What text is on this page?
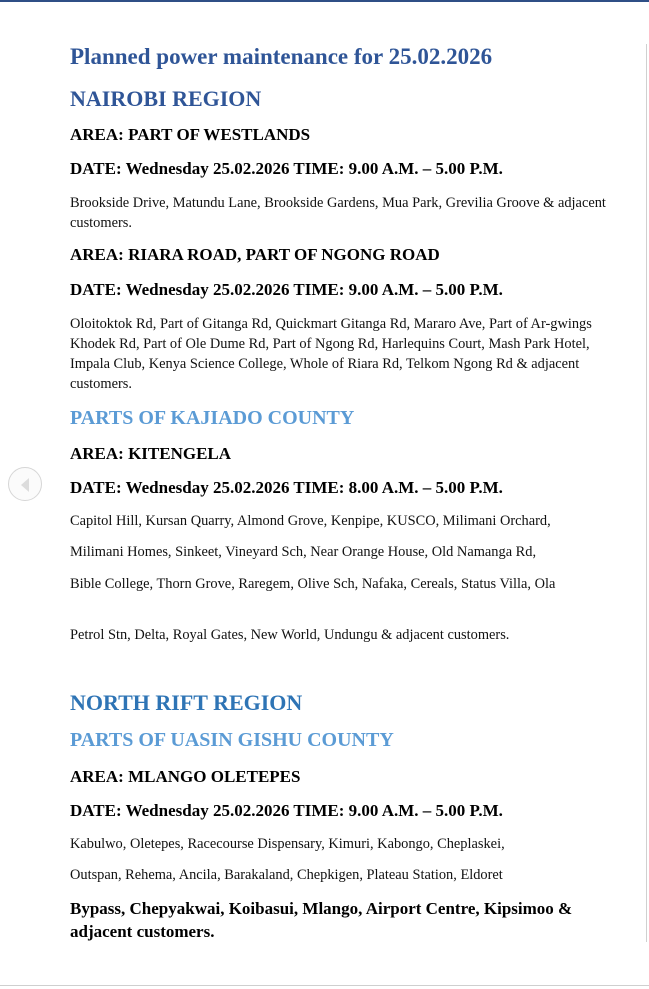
Planned power maintenance for 25.02.2026
NAIROBI REGION
AREA: PART OF WESTLANDS
DATE: Wednesday 25.02.2026 TIME: 9.00 A.M. – 5.00 P.M.

Brookside Drive, Matundu Lane, Brookside Gardens, Mua Park, Grevilia Groove & adjacent customers.

AREA: RIARA ROAD, PART OF NGONG ROAD
DATE: Wednesday 25.02.2026 TIME: 9.00 A.M. – 5.00 P.M.

Oloitoktok Rd, Part of Gitanga Rd, Quickmart Gitanga Rd, Mararo Ave, Part of Ar-gwings Khodek Rd, Part of Ole Dume Rd, Part of Ngong Rd, Harlequins Court, Mash Park Hotel, Impala Club, Kenya Science College, Whole of Riara Rd, Telkom Ngong Rd & adjacent customers.

PARTS OF KAJIADO COUNTY
AREA: KITENGELA
DATE: Wednesday 25.02.2026 TIME: 8.00 A.M. – 5.00 P.M.

Capitol Hill, Kursan Quarry, Almond Grove, Kenpipe, KUSCO, Milimani Orchard,

Milimani Homes, Sinkeet, Vineyard Sch, Near Orange House, Old Namanga Rd,

Bible College, Thorn Grove, Raregem, Olive Sch, Nafaka, Cereals, Status Villa, Ola

Petrol Stn, Delta, Royal Gates, New World, Undungu & adjacent customers.

NORTH RIFT REGION
PARTS OF UASIN GISHU COUNTY
AREA: MLANGO OLETEPES
DATE: Wednesday 25.02.2026 TIME: 9.00 A.M. – 5.00 P.M.

Kabulwo, Oletepes, Racecourse Dispensary, Kimuri, Kabongo, Cheplaskei,

Outspan, Rehema, Ancila, Barakaland, Chepkigen, Plateau Station, Eldoret

Bypass, Chepyakwai, Koibasui, Mlango, Airport Centre, Kipsimoo & adjacent customers.
